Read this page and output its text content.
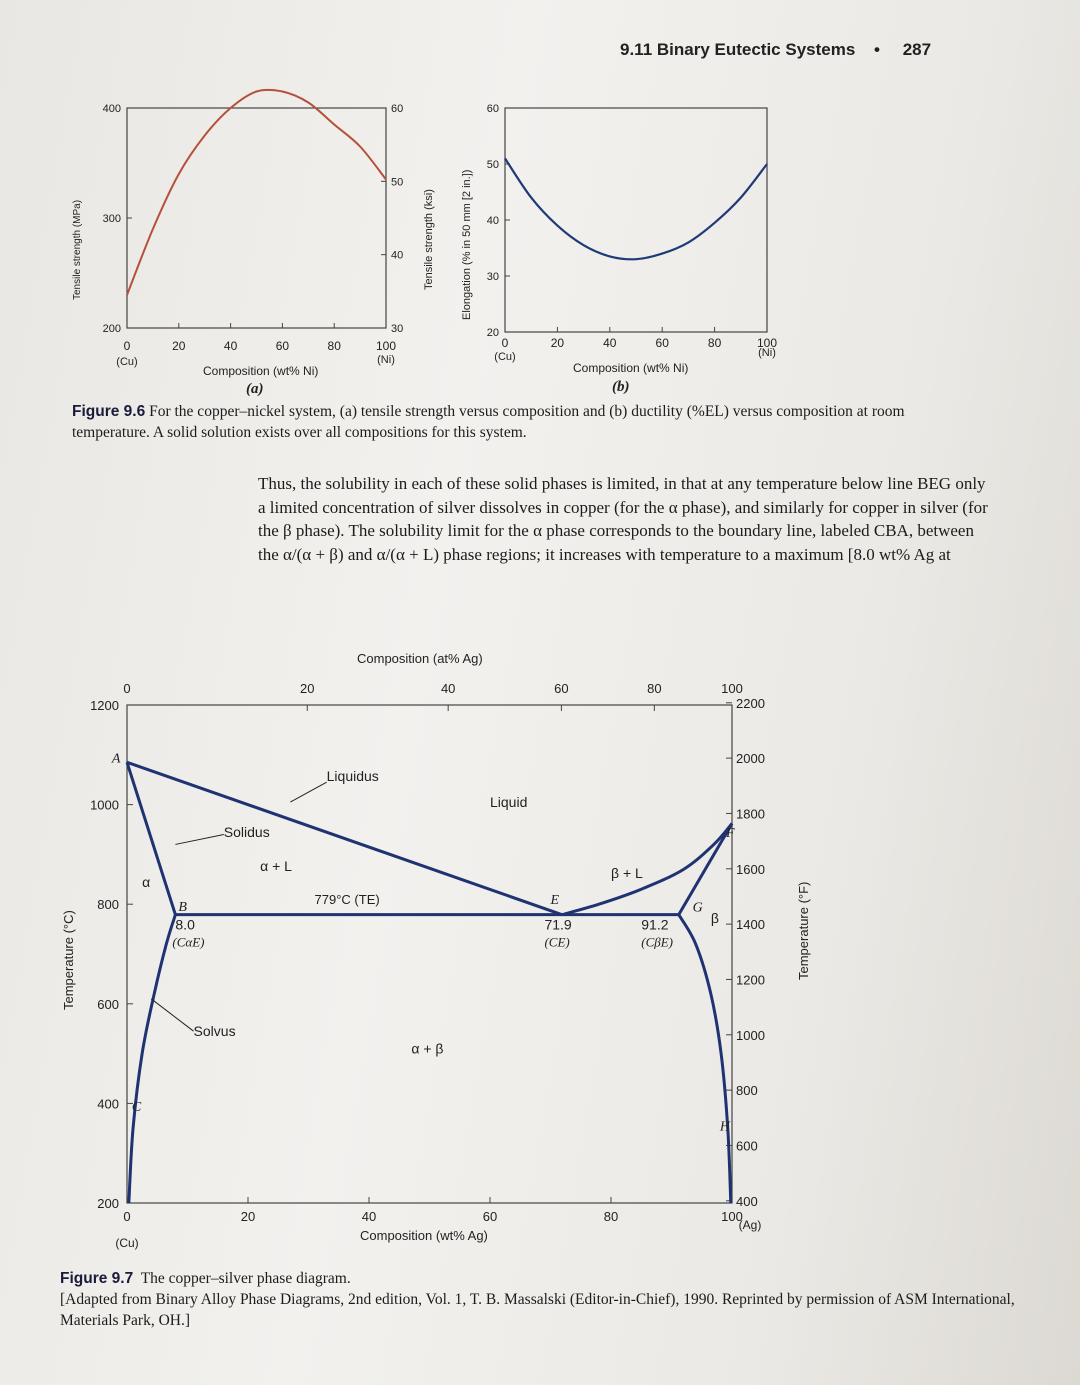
9.11 Binary Eutectic Systems • 287
0	20	40	60	80	100
(Cu)	(Ni)
200
300
400
30
40
50
60
Tensile strength (MPa)	Tensile strength (ksi)
Composition (wt% Ni)
(a)
0	20	40	60	80	100
(Cu)	(Ni)
20
30
40
50
60
Elongation (% in 50 mm [2 in.])
Composition (wt% Ni)
(b)
Figure 9.6 For the copper–nickel system, (a) tensile strength versus composition and (b) ductility (%EL) versus composition at room temperature. A solid solution exists over all compositions for this system.

Thus, the solubility in each of these solid phases is limited, in that at any temperature below line BEG only a limited concentration of silver dissolves in copper (for the α phase), and similarly for copper in silver (for the β phase). The solubility limit for the α phase corresponds to the boundary line, labeled CBA, between the α/(α + β) and α/(α + L) phase regions; it increases with temperature to a maximum [8.0 wt% Ag at

0	20	40	60	80	100
(Cu)
(Ag)
0	20	40	60	80	100
200
400
600
800
1000
1200
400
600
800
1000
1200
1400
1600
1800
2000
2200
Liquidus
Liquid
Solidus
α + L	β + L
α
β
α + β
Solvus
779°C (TE)
A
B
C
E
F
G
H
8.0
(CαE)
71.9
(CE)
91.2
(CβE)
Composition (at% Ag)
Composition (wt% Ag)
Temperature (°C)	Temperature (°F)
Figure 9.7 The copper–silver phase diagram.
[Adapted from Binary Alloy Phase Diagrams, 2nd edition, Vol. 1, T. B. Massalski (Editor-in-Chief), 1990. Reprinted by permission of ASM International, Materials Park, OH.]
